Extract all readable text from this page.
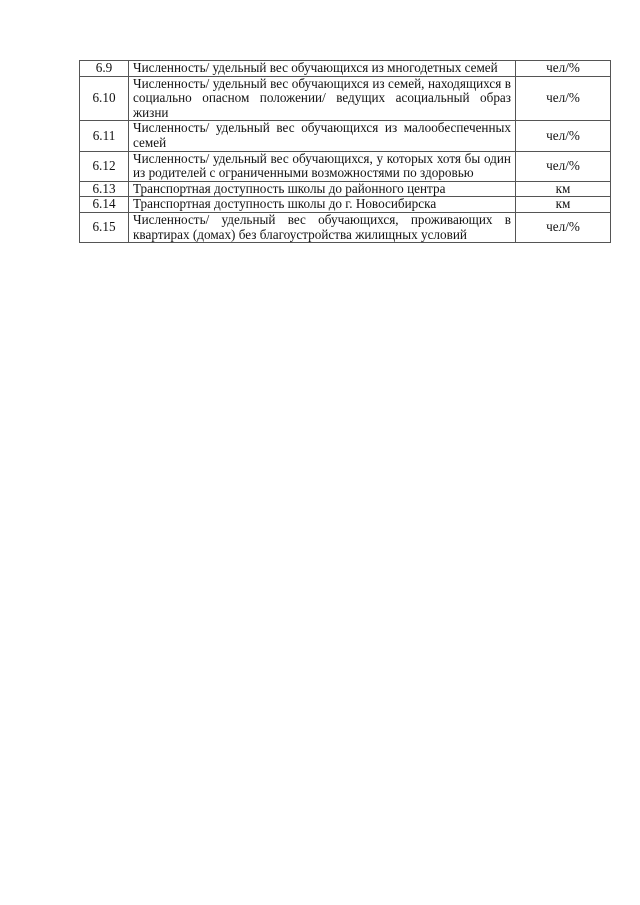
6.9	Численность/ удельный вес обучающихся из многодетных семей	чел/%
6.10	Численность/ удельный вес обучающихся из семей, находящихся в социально опасном положении/ ведущих асоциальный образ жизни	чел/%
6.11	Численность/ удельный вес обучающихся из малообеспеченных семей	чел/%
6.12	Численность/ удельный вес обучающихся, у которых хотя бы один из родителей с ограниченными возможностями по здоровью	чел/%
6.13	Транспортная доступность школы до районного центра	км
6.14	Транспортная доступность школы до г. Новосибирска	км
6.15	Численность/ удельный вес обучающихся, проживающих в квартирах (домах) без благоустройства жилищных условий	чел/%
